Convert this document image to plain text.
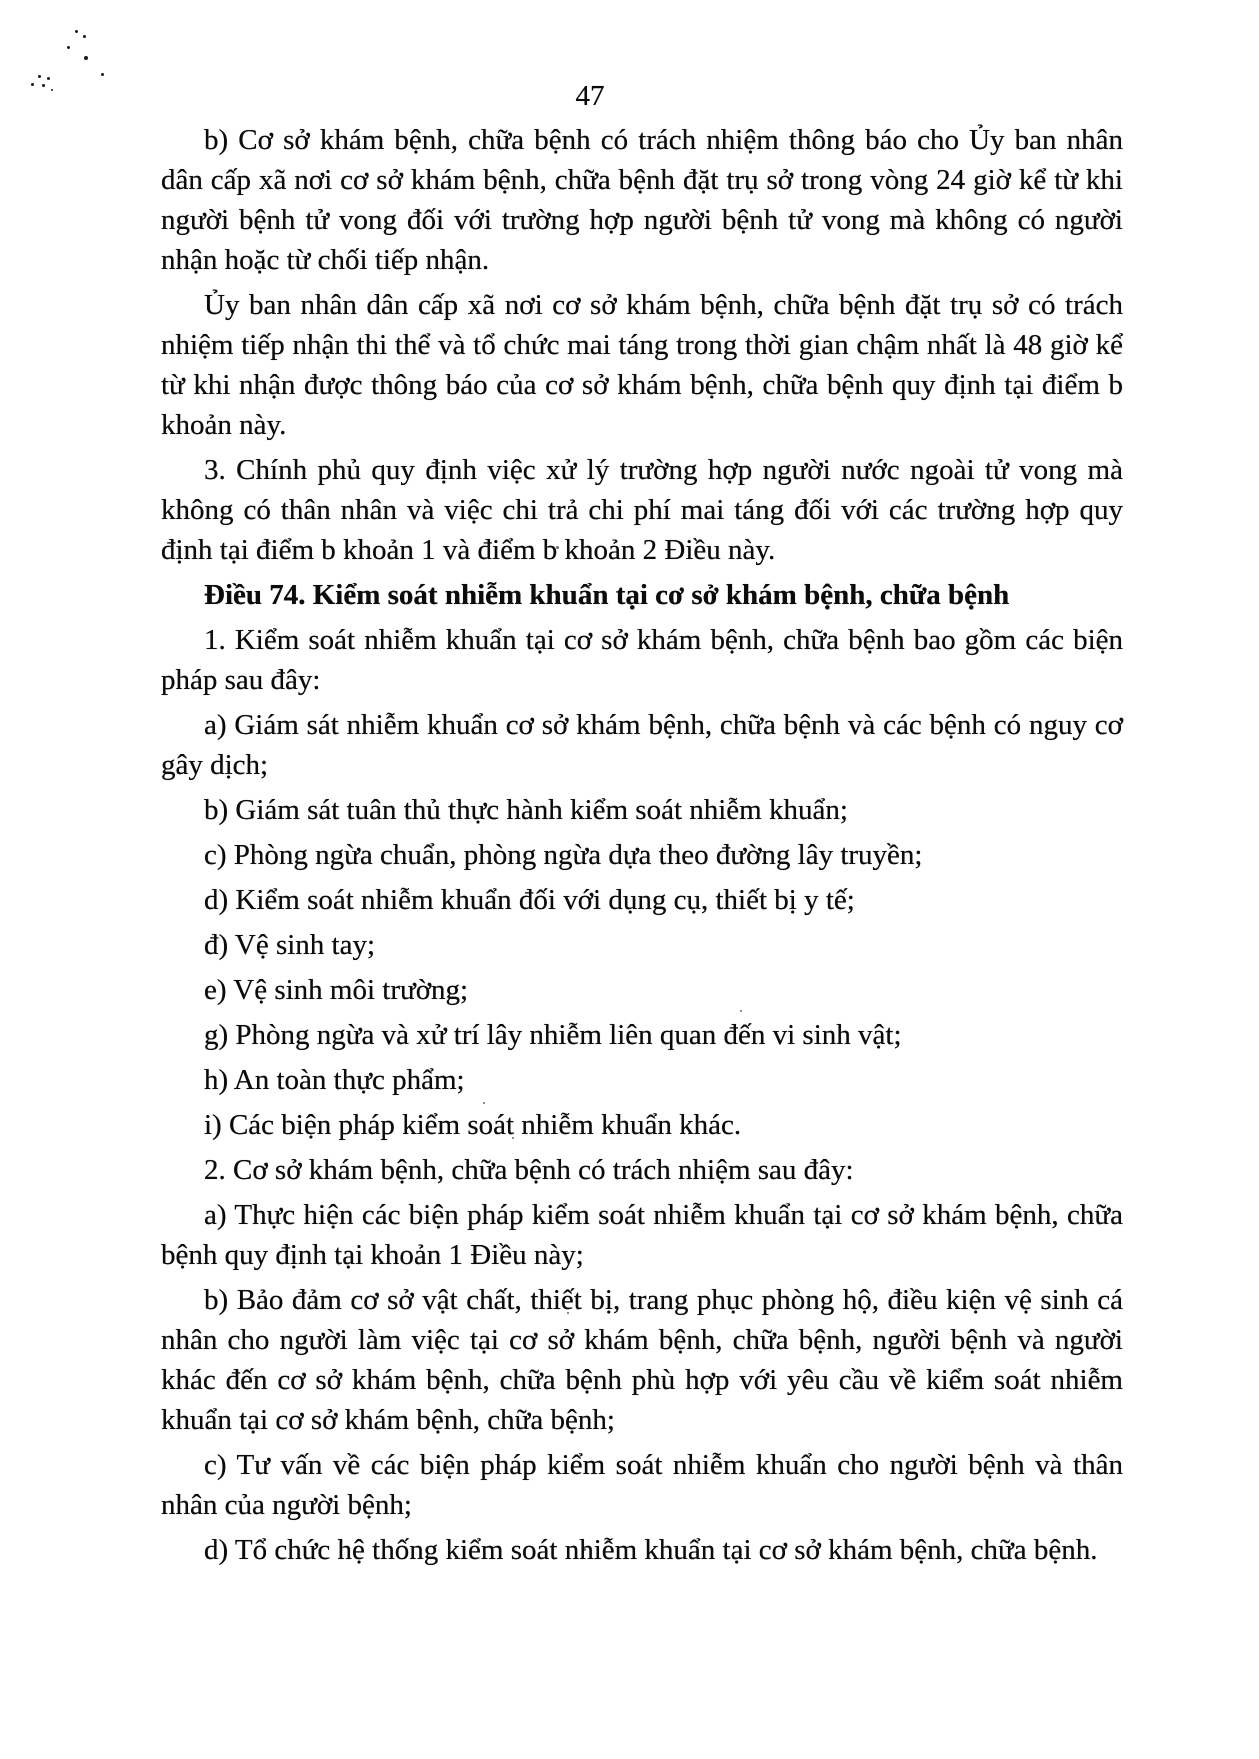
47

b) Cơ sở khám bệnh, chữa bệnh có trách nhiệm thông báo cho Ủy ban nhân dân cấp xã nơi cơ sở khám bệnh, chữa bệnh đặt trụ sở trong vòng 24 giờ kể từ khi người bệnh tử vong đối với trường hợp người bệnh tử vong mà không có người nhận hoặc từ chối tiếp nhận.

Ủy ban nhân dân cấp xã nơi cơ sở khám bệnh, chữa bệnh đặt trụ sở có trách nhiệm tiếp nhận thi thể và tổ chức mai táng trong thời gian chậm nhất là 48 giờ kể từ khi nhận được thông báo của cơ sở khám bệnh, chữa bệnh quy định tại điểm b khoản này.

3. Chính phủ quy định việc xử lý trường hợp người nước ngoài tử vong mà không có thân nhân và việc chi trả chi phí mai táng đối với các trường hợp quy định tại điểm b khoản 1 và điểm b khoản 2 Điều này.

Điều 74. Kiểm soát nhiễm khuẩn tại cơ sở khám bệnh, chữa bệnh

1. Kiểm soát nhiễm khuẩn tại cơ sở khám bệnh, chữa bệnh bao gồm các biện pháp sau đây:

a) Giám sát nhiễm khuẩn cơ sở khám bệnh, chữa bệnh và các bệnh có nguy cơ gây dịch;

b) Giám sát tuân thủ thực hành kiểm soát nhiễm khuẩn;

c) Phòng ngừa chuẩn, phòng ngừa dựa theo đường lây truyền;

d) Kiểm soát nhiễm khuẩn đối với dụng cụ, thiết bị y tế;

đ) Vệ sinh tay;

e) Vệ sinh môi trường;

g) Phòng ngừa và xử trí lây nhiễm liên quan đến vi sinh vật;

h) An toàn thực phẩm;

i) Các biện pháp kiểm soát nhiễm khuẩn khác.

2. Cơ sở khám bệnh, chữa bệnh có trách nhiệm sau đây:

a) Thực hiện các biện pháp kiểm soát nhiễm khuẩn tại cơ sở khám bệnh, chữa bệnh quy định tại khoản 1 Điều này;

b) Bảo đảm cơ sở vật chất, thiết bị, trang phục phòng hộ, điều kiện vệ sinh cá nhân cho người làm việc tại cơ sở khám bệnh, chữa bệnh, người bệnh và người khác đến cơ sở khám bệnh, chữa bệnh phù hợp với yêu cầu về kiểm soát nhiễm khuẩn tại cơ sở khám bệnh, chữa bệnh;

c) Tư vấn về các biện pháp kiểm soát nhiễm khuẩn cho người bệnh và thân nhân của người bệnh;

d) Tổ chức hệ thống kiểm soát nhiễm khuẩn tại cơ sở khám bệnh, chữa bệnh.
